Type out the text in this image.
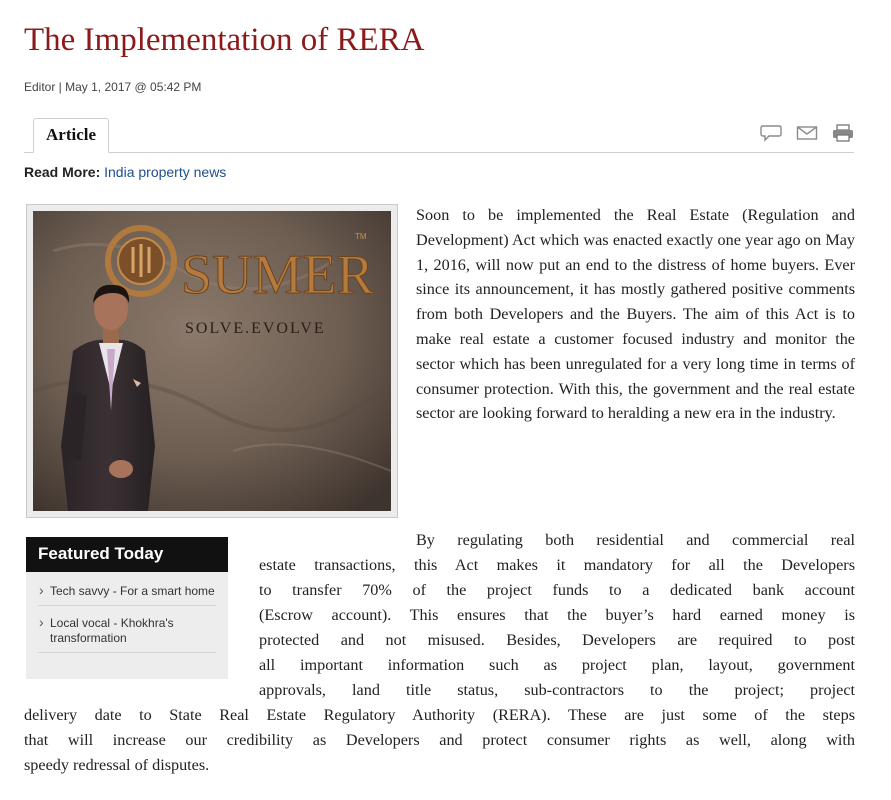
The Implementation of RERA
Editor | May 1, 2017 @ 05:42 PM
Article
Read More: India property news
SUMER
TM
SOLVE.EVOLVE
Featured Today
› Tech savvy - For a smart home
› Local vocal - Khokhra's transformation

Soon to be implemented the Real Estate (Regulation and Development) Act which was enacted exactly one year ago on May 1, 2016, will now put an end to the distress of home buyers. Ever since its announcement, it has mostly gathered positive comments from both Developers and the Buyers. The aim of this Act is to make real estate a customer focused industry and monitor the sector which has been unregulated for a very long time in terms of consumer protection. With this, the government and the real estate sector are looking forward to heralding a new era in the industry.

By regulating both residential and commercial real
estate transactions, this Act makes it mandatory for all the Developers
to transfer 70% of the project funds to a dedicated bank account
(Escrow account). This ensures that the buyer’s hard earned money is
protected and not misused. Besides, Developers are required to post
all important information such as project plan, layout, government
approvals, land title status, sub-contractors to the project; project
delivery date to State Real Estate Regulatory Authority (RERA). These are just some of the steps
that will increase our credibility as Developers and protect consumer rights as well, along with
speedy redressal of disputes.
